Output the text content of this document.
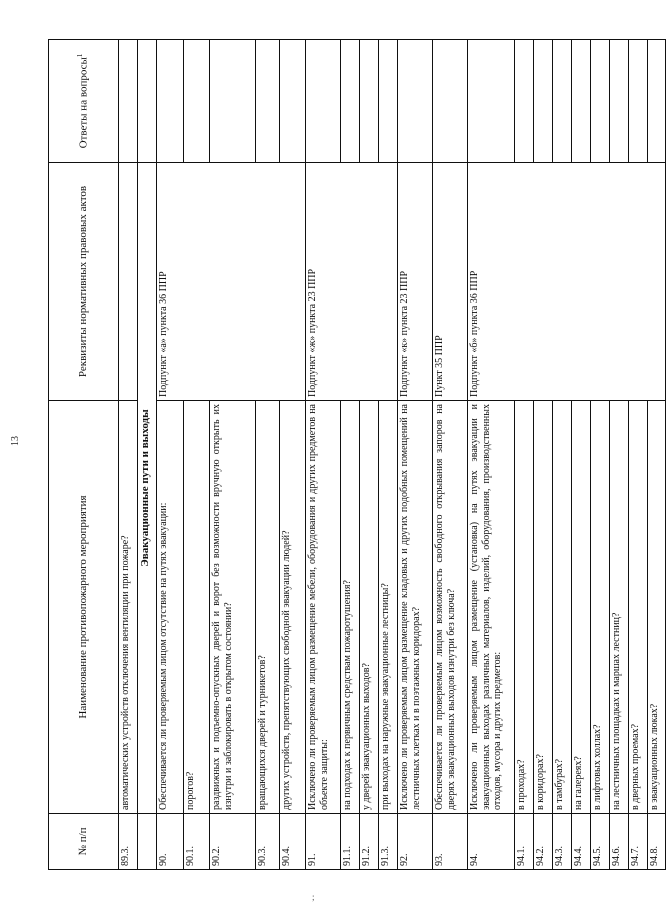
13
;
№ п/п	Наименование противопожарного мероприятия	Реквизиты нормативных правовых актов	Ответы на вопросы$^1$
89.3.	автоматических устройств отключения вентиляции при пожаре?		
	Эвакуационные пути и выходы		
90.	Обеспечивается ли проверяемым лицом отсутствие на путях эвакуации:	Подпункт «а» пункта 36 ППР	
90.1.	порогов?		
90.2.	раздвижных и подъемно-опускных дверей и ворот без возможности вручную открыть их изнутри и заблокировать в открытом состоянии?		
90.3.	вращающихся дверей и турникетов?		
90.4.	других устройств, препятствующих свободной эвакуации людей?		
91.	Исключено ли проверяемым лицом размещение мебели, оборудования и других предметов на объекте защиты:	Подпункт «ж» пункта 23 ППР	
91.1.	на подходах к первичным средствам пожаротушения?		
91.2.	у дверей эвакуационных выходов?		
91.3.	при выходах на наружные эвакуационные лестницы?		
92.	Исключено ли проверяемым лицом размещение кладовых и других подобных помещений на лестничных клетках и в поэтажных коридорах?	Подпункт «к» пункта 23 ППР	
93.	Обеспечивается ли проверяемым лицом возможность свободного открывания запоров на дверях эвакуационных выходов изнутри без ключа?	Пункт 35 ППР	
94.	Исключено ли проверяемым лицом размещение (установка) на путях эвакуации и эвакуационных выходах различных материалов, изделий, оборудования, производственных отходов, мусора и других предметов:	Подпункт «б» пункта 36 ППР	
94.1.	в проходах?		
94.2.	в коридорах?		
94.3.	в тамбурах?		
94.4.	на галереях?		
94.5.	в лифтовых холлах?		
94.6.	на лестничных площадках и маршах лестниц?		
94.7.	в дверных проемах?		
94.8.	в эвакуационных люках?		
